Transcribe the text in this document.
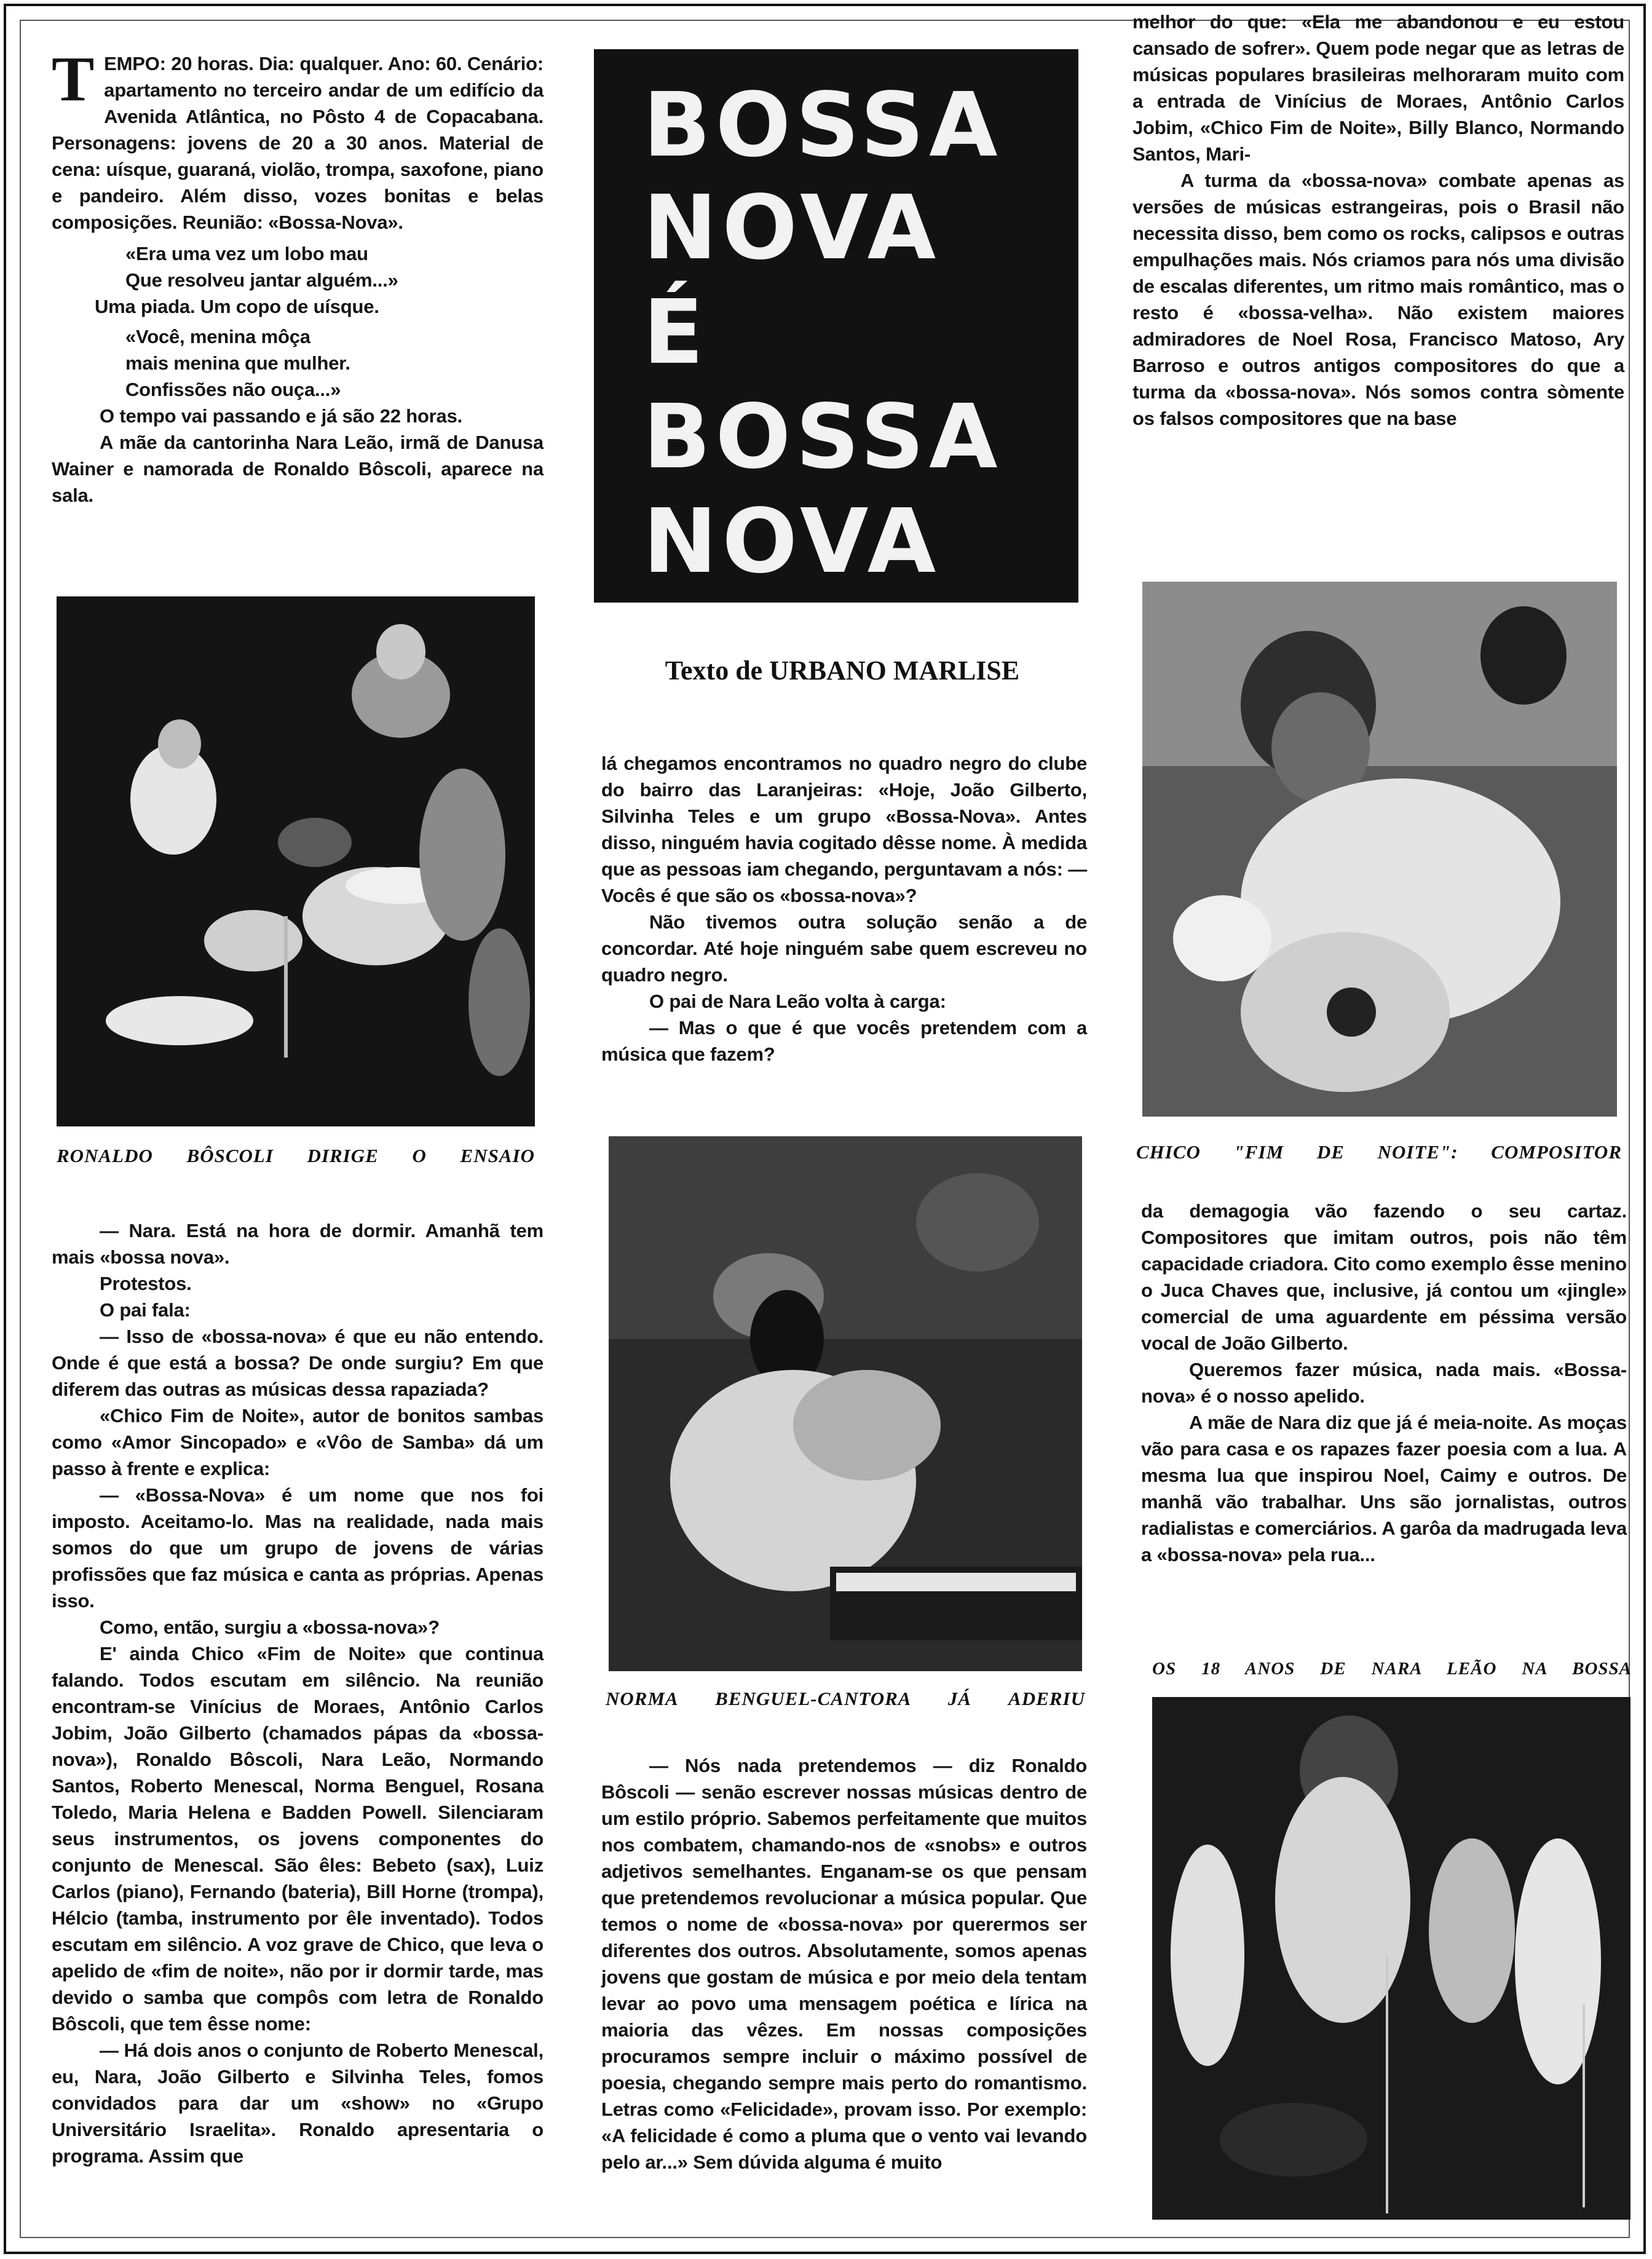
TEMPO: 20 horas. Dia: qualquer. Ano: 60. Cenário: apartamento no terceiro andar de um edifício da Avenida Atlântica, no Pôsto 4 de Copacabana. Personagens: jovens de 20 a 30 anos. Material de cena: uísque, guaraná, violão, trompa, saxofone, piano e pandeiro. Além disso, vozes bonitas e belas composições. Reunião: «Bossa-Nova».

«Era uma vez um lobo mau

Que resolveu jantar alguém...»

Uma piada. Um copo de uísque.

«Você, menina môça

mais menina que mulher.

Confissões não ouça...»

O tempo vai passando e já são 22 horas.

A mãe da cantorinha Nara Leão, irmã de Danusa Wainer e namorada de Ronaldo Bôscoli, aparece na sala.

RONALDO BÔSCOLI DIRIGE O ENSAIO

— Nara. Está na hora de dormir. Amanhã tem mais «bossa nova».

Protestos.

O pai fala:

— Isso de «bossa-nova» é que eu não entendo. Onde é que está a bossa? De onde surgiu? Em que diferem das outras as músicas dessa rapaziada?

«Chico Fim de Noite», autor de bonitos sambas como «Amor Sincopado» e «Vôo de Samba» dá um passo à frente e explica:

— «Bossa-Nova» é um nome que nos foi imposto. Aceitamo-lo. Mas na realidade, nada mais somos do que um grupo de jovens de várias profissões que faz música e canta as próprias. Apenas isso.

Como, então, surgiu a «bossa-nova»?

E' ainda Chico «Fim de Noite» que continua falando. Todos escutam em silêncio. Na reunião encontram-se Vinícius de Moraes, Antônio Carlos Jobim, João Gilberto (chamados pápas da «bossa-nova»), Ronaldo Bôscoli, Nara Leão, Normando Santos, Roberto Menescal, Norma Benguel, Rosana Toledo, Maria Helena e Badden Powell. Silenciaram seus instrumentos, os jovens componentes do conjunto de Menescal. São êles: Bebeto (sax), Luiz Carlos (piano), Fernando (bateria), Bill Horne (trompa), Hélcio (tamba, instrumento por êle inventado). Todos escutam em silêncio. A voz grave de Chico, que leva o apelido de «fim de noite», não por ir dormir tarde, mas devido o samba que compôs com letra de Ronaldo Bôscoli, que tem êsse nome:

— Há dois anos o conjunto de Roberto Menescal, eu, Nara, João Gilberto e Silvinha Teles, fomos convidados para dar um «show» no «Grupo Universitário Israelita». Ronaldo apresentaria o programa. Assim que

BOSSA
NOVA
É
BOSSA
NOVA
Texto de URBANO MARLISE

lá chegamos encontramos no quadro negro do clube do bairro das Laranjeiras: «Hoje, João Gilberto, Silvinha Teles e um grupo «Bossa-Nova». Antes disso, ninguém havia cogitado dêsse nome. À medida que as pessoas iam chegando, perguntavam a nós: — Vocês é que são os «bossa-nova»?

Não tivemos outra solução senão a de concordar. Até hoje ninguém sabe quem escreveu no quadro negro.

O pai de Nara Leão volta à carga:

— Mas o que é que vocês pretendem com a música que fazem?

NORMA BENGUEL-CANTORA JÁ ADERIU

— Nós nada pretendemos — diz Ronaldo Bôscoli — senão escrever nossas músicas dentro de um estilo próprio. Sabemos perfeitamente que muitos nos combatem, chamando-nos de «snobs» e outros adjetivos semelhantes. Enganam-se os que pensam que pretendemos revolucionar a música popular. Que temos o nome de «bossa-nova» por querermos ser diferentes dos outros. Absolutamente, somos apenas jovens que gostam de música e por meio dela tentam levar ao povo uma mensagem poética e lírica na maioria das vêzes. Em nossas composições procuramos sempre incluir o máximo possível de poesia, chegando sempre mais perto do romantismo. Letras como «Felicidade», provam isso. Por exemplo: «A felicidade é como a pluma que o vento vai levando pelo ar...» Sem dúvida alguma é muito

melhor do que: «Ela me abandonou e eu estou cansado de sofrer». Quem pode negar que as letras de músicas populares brasileiras melhoraram muito com a entrada de Vinícius de Moraes, Antônio Carlos Jobim, «Chico Fim de Noite», Billy Blanco, Normando Santos, Mari-

A turma da «bossa-nova» combate apenas as versões de músicas estrangeiras, pois o Brasil não necessita disso, bem como os rocks, calipsos e outras empulhações mais. Nós criamos para nós uma divisão de escalas diferentes, um ritmo mais romântico, mas o resto é «bossa-velha». Não existem maiores admiradores de Noel Rosa, Francisco Matoso, Ary Barroso e outros antigos compositores do que a turma da «bossa-nova». Nós somos contra sòmente os falsos compositores que na base

CHICO "FIM DE NOITE": COMPOSITOR

da demagogia vão fazendo o seu cartaz. Compositores que imitam outros, pois não têm capacidade criadora. Cito como exemplo êsse menino o Juca Chaves que, inclusive, já contou um «jingle» comercial de uma aguardente em péssima versão vocal de João Gilberto.

Queremos fazer música, nada mais. «Bossa-nova» é o nosso apelido.

A mãe de Nara diz que já é meia-noite. As moças vão para casa e os rapazes fazer poesia com a lua. A mesma lua que inspirou Noel, Caimy e outros. De manhã vão trabalhar. Uns são jornalistas, outros radialistas e comerciários. A garôa da madrugada leva a «bossa-nova» pela rua...

OS 18 ANOS DE NARA LEÃO NA BOSSA
